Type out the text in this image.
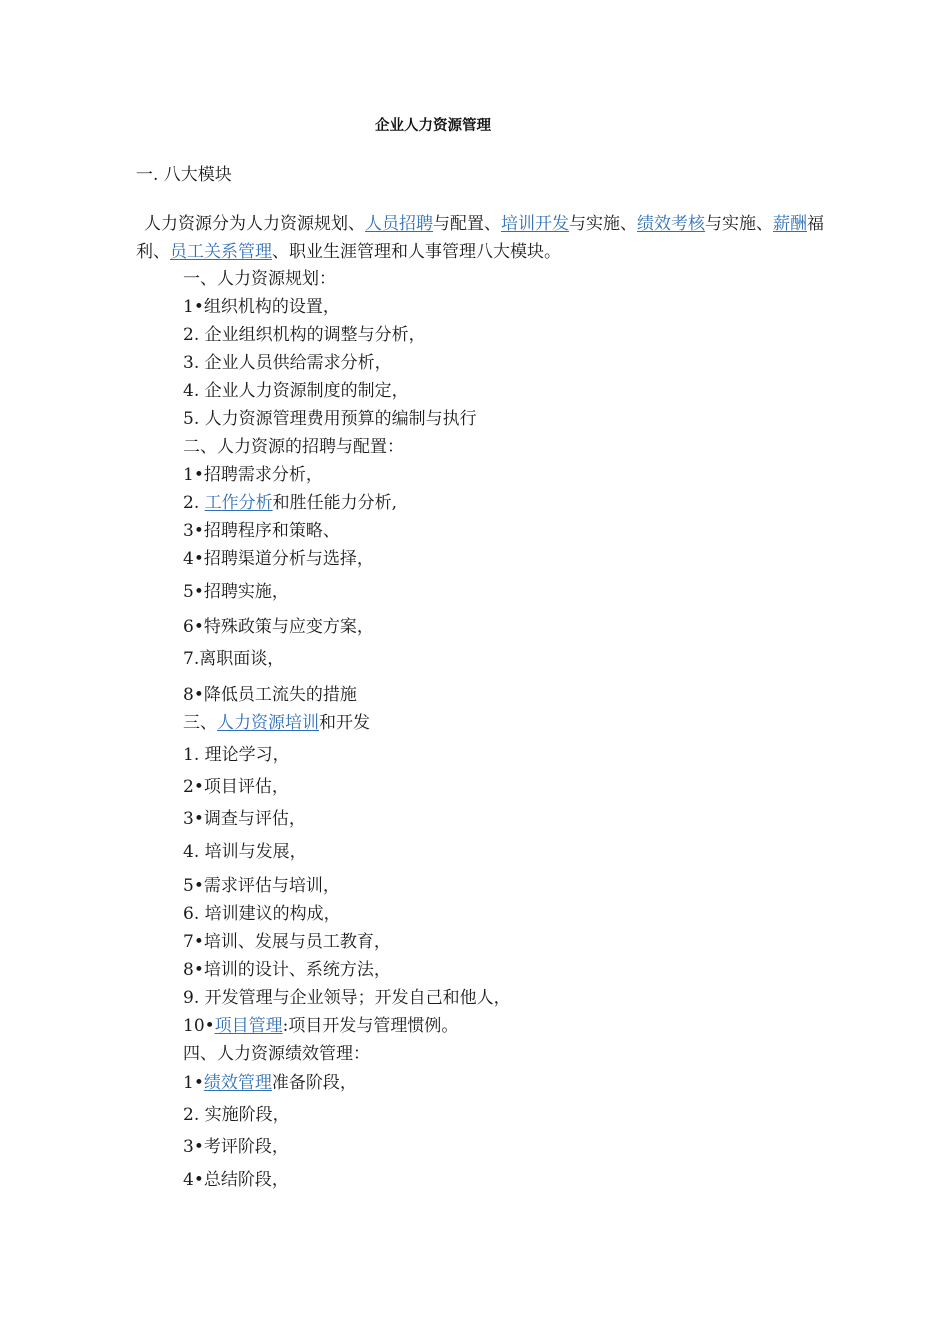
企业人力资源管理
一. 八大模块
人力资源分为人力资源规划、人员招聘与配置、培训开发与实施、绩效考核与实施、薪酬福利、员工关系管理、职业生涯管理和人事管理八大模块。
一、人力资源规划：
1•组织机构的设置，
2. 企业组织机构的调整与分析，
3. 企业人员供给需求分析，
4. 企业人力资源制度的制定，
5. 人力资源管理费用预算的编制与执行
二、人力资源的招聘与配置：
1•招聘需求分析，
2. 工作分析和胜任能力分析,
3•招聘程序和策略、
4•招聘渠道分析与选择，
5•招聘实施，
6•特殊政策与应变方案，
7.离职面谈，
8•降低员工流失的措施
三、人力资源培训和开发
1. 理论学习，
2•项目评估，
3•调查与评估，
4. 培训与发展，
5•需求评估与培训，
6. 培训建议的构成，
7•培训、发展与员工教育，
8•培训的设计、系统方法，
9. 开发管理与企业领导；开发自己和他人，
10•项目管理:项目开发与管理惯例。
四、人力资源绩效管理：
1•绩效管理准备阶段，
2. 实施阶段，
3•考评阶段，
4•总结阶段，
